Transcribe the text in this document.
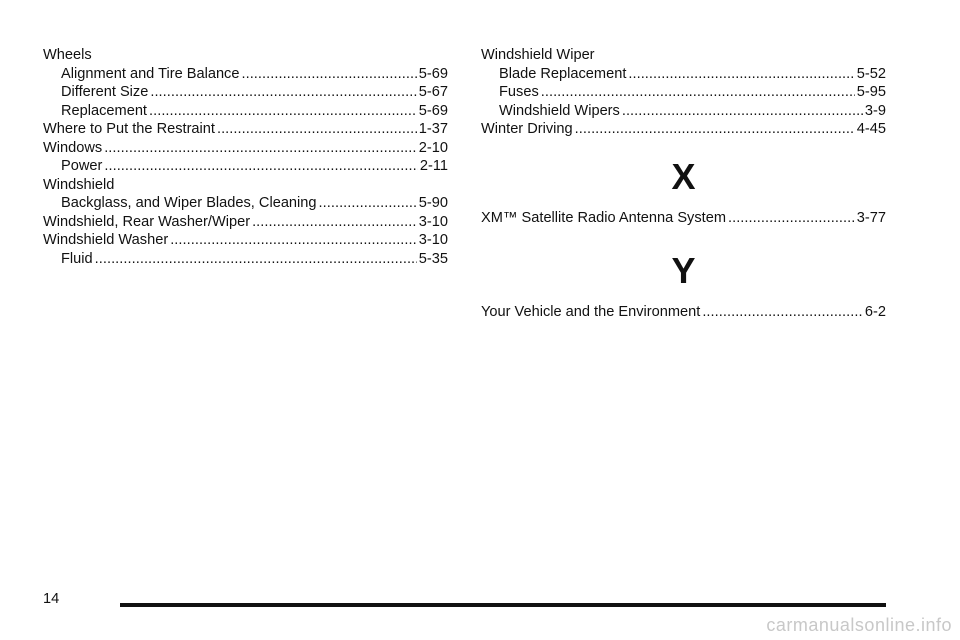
Wheels
Alignment and Tire Balance . . .	5-69
Different Size . . .	5-67
Replacement . . .	5-69
Where to Put the Restraint . . .	1-37
Windows . . .	2-10
Power . . .	2-11
Windshield
Backglass, and Wiper Blades, Cleaning . . .	5-90
Windshield, Rear Washer/Wiper . . .	3-10
Windshield Washer . . .	3-10
Fluid . . .	5-35
Windshield Wiper
Blade Replacement . . .	5-52
Fuses . . .	5-95
Windshield Wipers . . .	3-9
Winter Driving . . .	4-45
X
XM™ Satellite Radio Antenna System . . .	3-77
Y
Your Vehicle and the Environment . . .	6-2
14
carmanualsonline.info
